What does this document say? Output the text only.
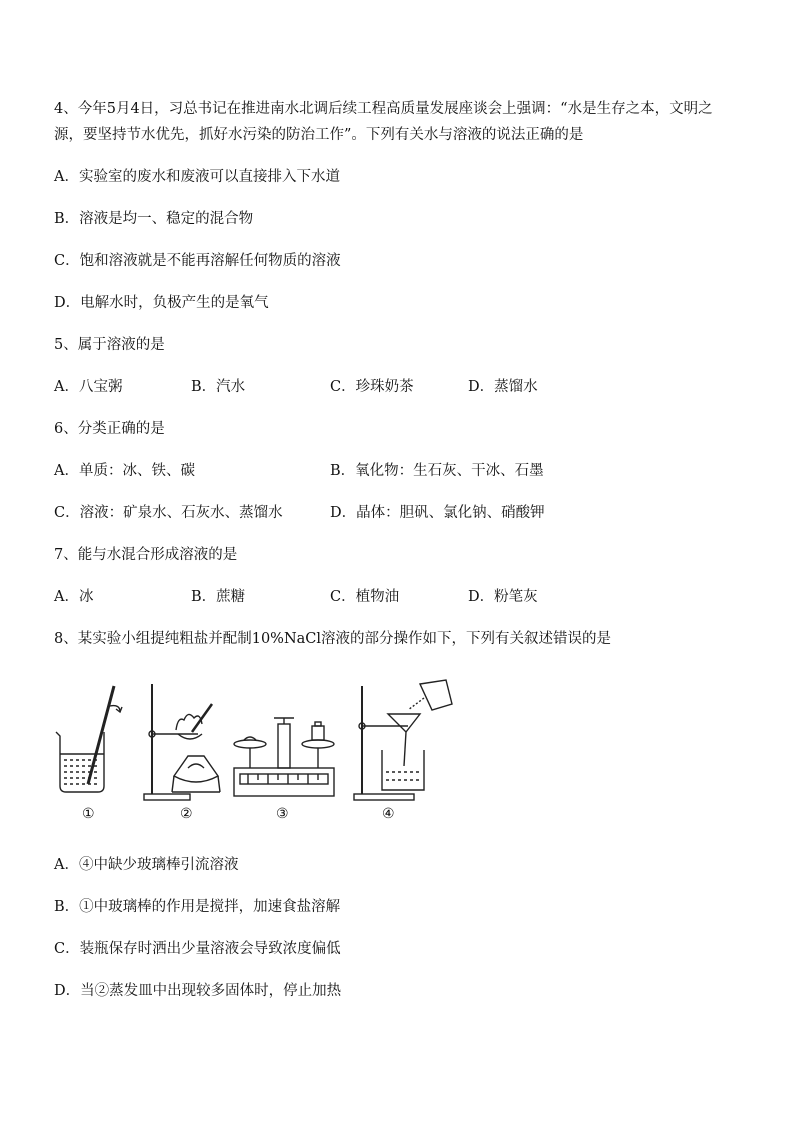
4、今年5月4日，习总书记在推进南水北调后续工程高质量发展座谈会上强调：“水是生存之本，文明之
源，要坚持节水优先，抓好水污染的防治工作”。下列有关水与溶液的说法正确的是
A．实验室的废水和废液可以直接排入下水道
B．溶液是均一、稳定的混合物
C．饱和溶液就是不能再溶解任何物质的溶液
D．电解水时，负极产生的是氧气
5、属于溶液的是
A．八宝粥	B．汽水	C．珍珠奶茶	D．蒸馏水
6、分类正确的是
A．单质：冰、铁、碳	B．氧化物：生石灰、干冰、石墨
C．溶液：矿泉水、石灰水、蒸馏水	D．晶体：胆矾、氯化钠、硝酸钾
7、能与水混合形成溶液的是
A．冰	B．蔗糖	C．植物油	D．粉笔灰
8、某实验小组提纯粗盐并配制10%NaCl溶液的部分操作如下，下列有关叙述错误的是
①	②	③	④
A．④中缺少玻璃棒引流溶液
B．①中玻璃棒的作用是搅拌，加速食盐溶解
C．装瓶保存时洒出少量溶液会导致浓度偏低
D．当②蒸发皿中出现较多固体时，停止加热
